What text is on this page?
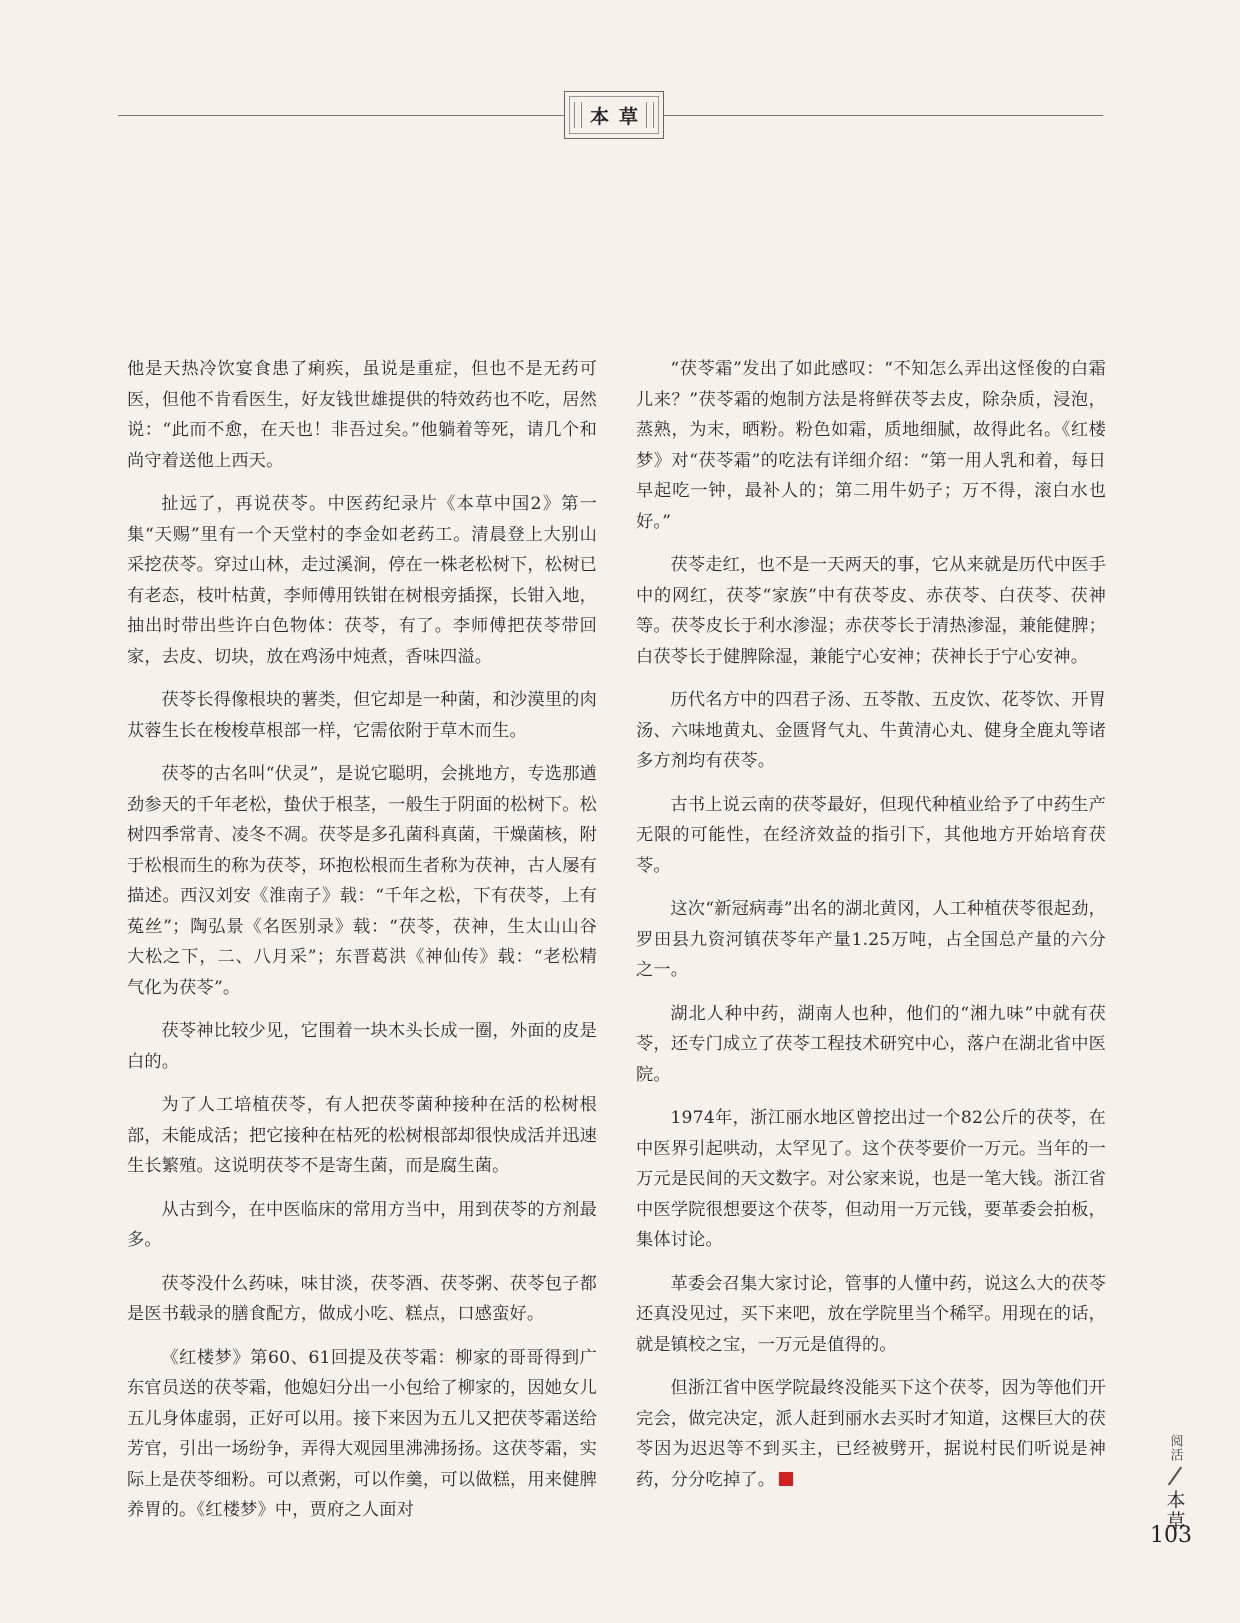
本草

他是天热冷饮宴食患了痢疾，虽说是重症，但也不是无药可医，但他不肯看医生，好友钱世雄提供的特效药也不吃，居然说：“此而不愈，在天也！非吾过矣。”他躺着等死，请几个和尚守着送他上西天。

扯远了，再说茯苓。中医药纪录片《本草中国2》第一集“天赐”里有一个天堂村的李金如老药工。清晨登上大别山采挖茯苓。穿过山林，走过溪涧，停在一株老松树下，松树已有老态，枝叶枯黄，李师傅用铁钳在树根旁插探，长钳入地，抽出时带出些许白色物体：茯苓，有了。李师傅把茯苓带回家，去皮、切块，放在鸡汤中炖煮，香味四溢。

茯苓长得像根块的薯类，但它却是一种菌，和沙漠里的肉苁蓉生长在梭梭草根部一样，它需依附于草木而生。

茯苓的古名叫“伏灵”，是说它聪明，会挑地方，专选那遒劲参天的千年老松，蛰伏于根茎，一般生于阴面的松树下。松树四季常青、凌冬不凋。茯苓是多孔菌科真菌，干燥菌核，附于松根而生的称为茯苓，环抱松根而生者称为茯神，古人屡有描述。西汉刘安《淮南子》载：“千年之松，下有茯苓，上有菟丝”；陶弘景《名医别录》载：“茯苓，茯神，生太山山谷大松之下，二、八月采”；东晋葛洪《神仙传》载：“老松精气化为茯苓”。

茯苓神比较少见，它围着一块木头长成一圈，外面的皮是白的。

为了人工培植茯苓，有人把茯苓菌种接种在活的松树根部，未能成活；把它接种在枯死的松树根部却很快成活并迅速生长繁殖。这说明茯苓不是寄生菌，而是腐生菌。

从古到今，在中医临床的常用方当中，用到茯苓的方剂最多。

茯苓没什么药味，味甘淡，茯苓酒、茯苓粥、茯苓包子都是医书载录的膳食配方，做成小吃、糕点，口感蛮好。

《红楼梦》第60、61回提及茯苓霜：柳家的哥哥得到广东官员送的茯苓霜，他媳妇分出一小包给了柳家的，因她女儿五儿身体虚弱，正好可以用。接下来因为五儿又把茯苓霜送给芳官，引出一场纷争，弄得大观园里沸沸扬扬。这茯苓霜，实际上是茯苓细粉。可以煮粥，可以作羹，可以做糕，用来健脾养胃的。《红楼梦》中，贾府之人面对

“茯苓霜”发出了如此感叹：“不知怎么弄出这怪俊的白霜儿来？”茯苓霜的炮制方法是将鲜茯苓去皮，除杂质，浸泡，蒸熟，为末，晒粉。粉色如霜，质地细腻，故得此名。《红楼梦》对“茯苓霜”的吃法有详细介绍：“第一用人乳和着，每日早起吃一钟，最补人的；第二用牛奶子；万不得，滚白水也好。”

茯苓走红，也不是一天两天的事，它从来就是历代中医手中的网红，茯苓“家族”中有茯苓皮、赤茯苓、白茯苓、茯神等。茯苓皮长于利水渗湿；赤茯苓长于清热渗湿，兼能健脾；白茯苓长于健脾除湿，兼能宁心安神；茯神长于宁心安神。

历代名方中的四君子汤、五苓散、五皮饮、花苓饮、开胃汤、六味地黄丸、金匮肾气丸、牛黄清心丸、健身全鹿丸等诸多方剂均有茯苓。

古书上说云南的茯苓最好，但现代种植业给予了中药生产无限的可能性，在经济效益的指引下，其他地方开始培育茯苓。

这次“新冠病毒”出名的湖北黄冈，人工种植茯苓很起劲，罗田县九资河镇茯苓年产量1.25万吨，占全国总产量的六分之一。

湖北人种中药，湖南人也种，他们的“湘九味”中就有茯苓，还专门成立了茯苓工程技术研究中心，落户在湖北省中医院。

1974年，浙江丽水地区曾挖出过一个82公斤的茯苓，在中医界引起哄动，太罕见了。这个茯苓要价一万元。当年的一万元是民间的天文数字。对公家来说，也是一笔大钱。浙江省中医学院很想要这个茯苓，但动用一万元钱，要革委会拍板，集体讨论。

革委会召集大家讨论，管事的人懂中药，说这么大的茯苓还真没见过，买下来吧，放在学院里当个稀罕。用现在的话，就是镇校之宝，一万元是值得的。

但浙江省中医学院最终没能买下这个茯苓，因为等他们开完会，做完决定，派人赶到丽水去买时才知道，这棵巨大的茯苓因为迟迟等不到买主，已经被劈开，据说村民们听说是神药，分分吃掉了。

阅活
本草
103
